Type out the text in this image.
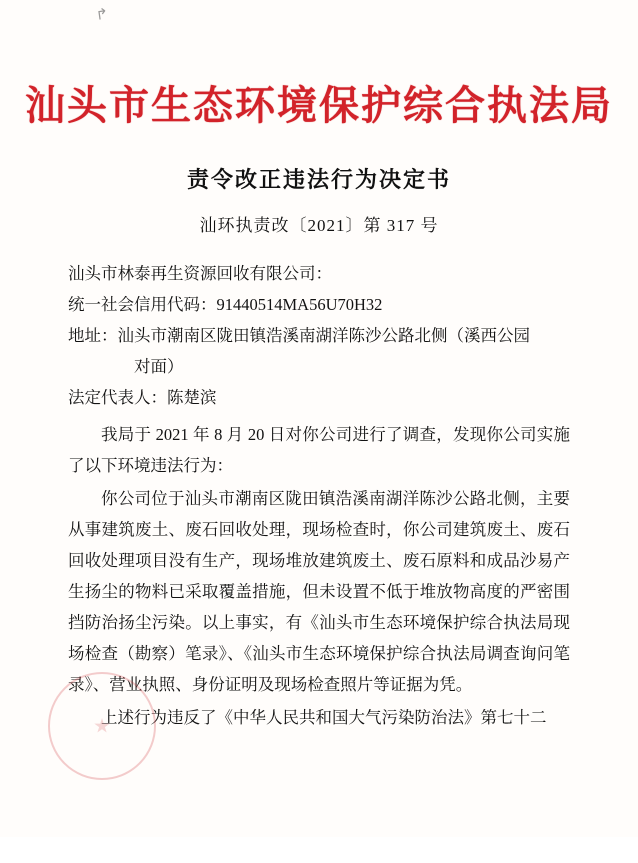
↱
汕头市生态环境保护综合执法局
责令改正违法行为决定书
汕环执责改〔2021〕第 317 号
汕头市林泰再生资源回收有限公司：
统一社会信用代码：91440514MA56U70H32
地址：汕头市潮南区陇田镇浩溪南湖洋陈沙公路北侧（溪西公园
对面）
法定代表人：陈楚滨

我局于 2021 年 8 月 20 日对你公司进行了调查，发现你公司实施了以下环境违法行为：

你公司位于汕头市潮南区陇田镇浩溪南湖洋陈沙公路北侧，主要从事建筑废土、废石回收处理，现场检查时，你公司建筑废土、废石回收处理项目没有生产，现场堆放建筑废土、废石原料和成品沙易产生扬尘的物料已采取覆盖措施，但未设置不低于堆放物高度的严密围挡防治扬尘污染。以上事实，有《汕头市生态环境保护综合执法局现场检查（勘察）笔录》、《汕头市生态环境保护综合执法局调查询问笔录》、营业执照、身份证明及现场检查照片等证据为凭。

上述行为违反了《中华人民共和国大气污染防治法》第七十二
